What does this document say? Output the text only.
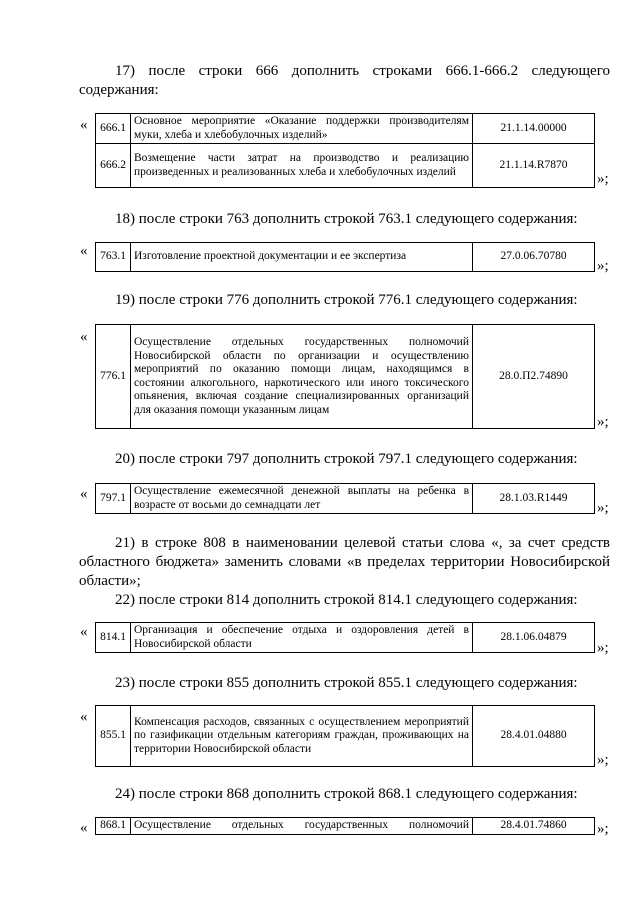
17) после строки 666 дополнить строками 666.1-666.2 следующего
содержания:
« 666.1	Основное мероприятие «Оказание поддержки производителям муки, хлеба и хлебобулочных изделий»	21.1.14.00000
666.2	Возмещение части затрат на производство и реализацию произведенных и реализованных хлеба и хлебобулочных изделий	21.1.14.R7870
»;
18) после строки 763 дополнить строкой 763.1 следующего содержания:
« 763.1	Изготовление проектной документации и ее экспертиза	27.0.06.70780
»;
19) после строки 776 дополнить строкой 776.1 следующего содержания:
«
776.1	Осуществление отдельных государственных полномочий Новосибирской области по организации и осуществлению мероприятий по оказанию помощи лицам, находящимся в состоянии алкогольного, наркотического или иного токсического опьянения, включая создание специализированных организаций для оказания помощи указанным лицам	28.0.П2.74890
»;
20) после строки 797 дополнить строкой 797.1 следующего содержания:
« 797.1	Осуществление ежемесячной денежной выплаты на ребенка в возрасте от восьми до семнадцати лет	28.1.03.R1449
»;
21) в строке 808 в наименовании целевой статьи слова «, за счет средств
областного бюджета» заменить словами «в пределах территории Новосибирской
области»;
22) после строки 814 дополнить строкой 814.1 следующего содержания:
« 814.1	Организация и обеспечение отдыха и оздоровления детей в Новосибирской области	28.1.06.04879
»;
23) после строки 855 дополнить строкой 855.1 следующего содержания:
«
855.1	Компенсация расходов, связанных с осуществлением мероприятий по газификации отдельным категориям граждан, проживающих на территории Новосибирской области	28.4.01.04880
»;
24) после строки 868 дополнить строкой 868.1 следующего содержания:
« 868.1	Осуществление отдельных государственных полномочий	28.4.01.74860 »;
